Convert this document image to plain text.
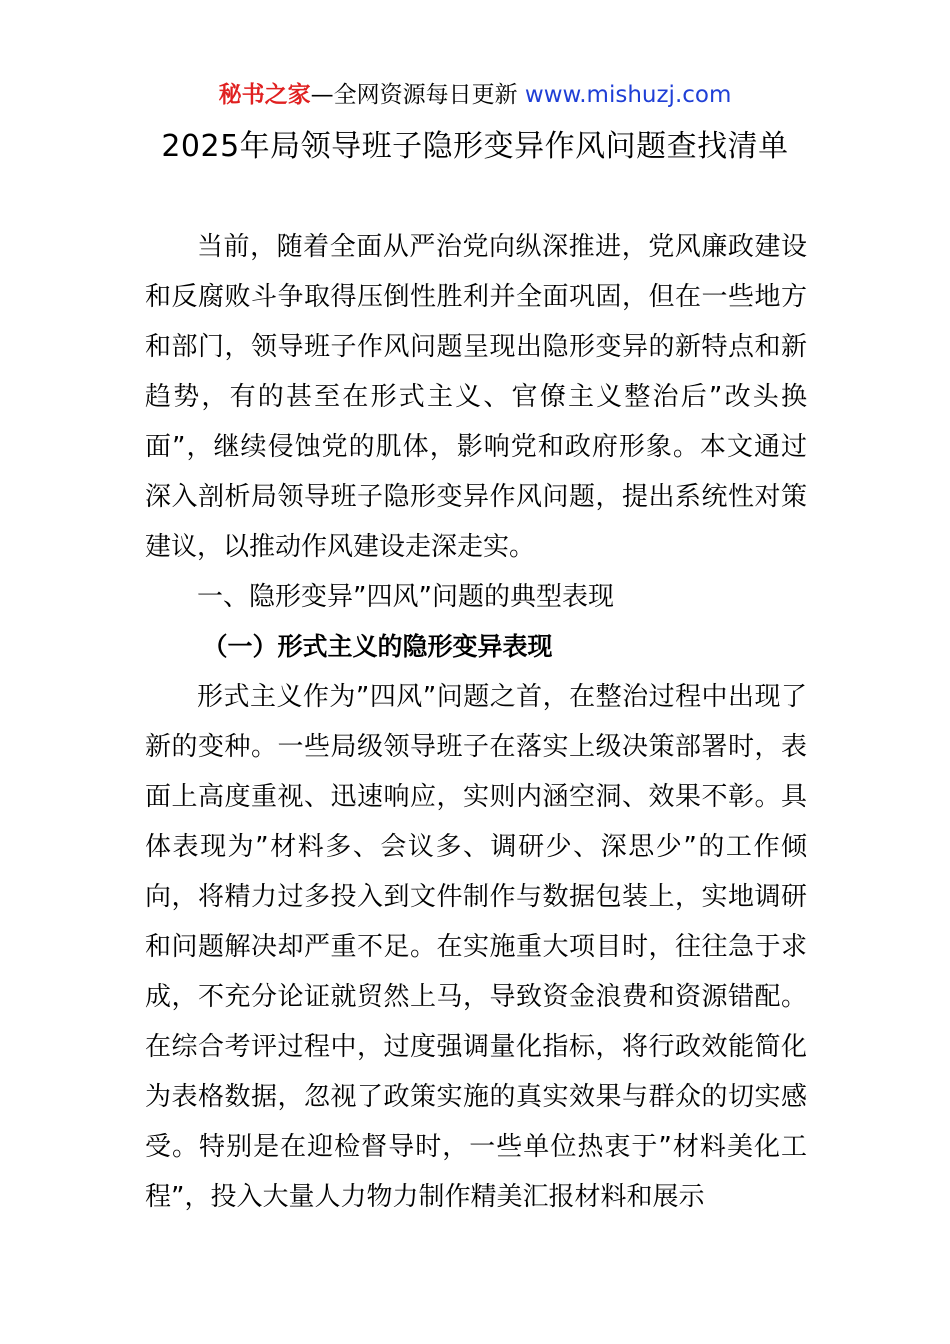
秘书之家—全网资源每日更新 www.mishuzj.com
2025年局领导班子隐形变异作风问题查找清单

当前，随着全面从严治党向纵深推进，党风廉政建设和反腐败斗争取得压倒性胜利并全面巩固，但在一些地方和部门，领导班子作风问题呈现出隐形变异的新特点和新趋势，有的甚至在形式主义、官僚主义整治后”改头换面”，继续侵蚀党的肌体，影响党和政府形象。本文通过深入剖析局领导班子隐形变异作风问题，提出系统性对策建议，以推动作风建设走深走实。

一、隐形变异”四风”问题的典型表现
（一）形式主义的隐形变异表现

形式主义作为”四风”问题之首，在整治过程中出现了新的变种。一些局级领导班子在落实上级决策部署时，表面上高度重视、迅速响应，实则内涵空洞、效果不彰。具体表现为”材料多、会议多、调研少、深思少”的工作倾向，将精力过多投入到文件制作与数据包装上，实地调研和问题解决却严重不足。在实施重大项目时，往往急于求成，不充分论证就贸然上马，导致资金浪费和资源错配。在综合考评过程中，过度强调量化指标，将行政效能简化为表格数据，忽视了政策实施的真实效果与群众的切实感受。特别是在迎检督导时，一些单位热衷于”材料美化工程”，投入大量人力物力制作精美汇报材料和展示
